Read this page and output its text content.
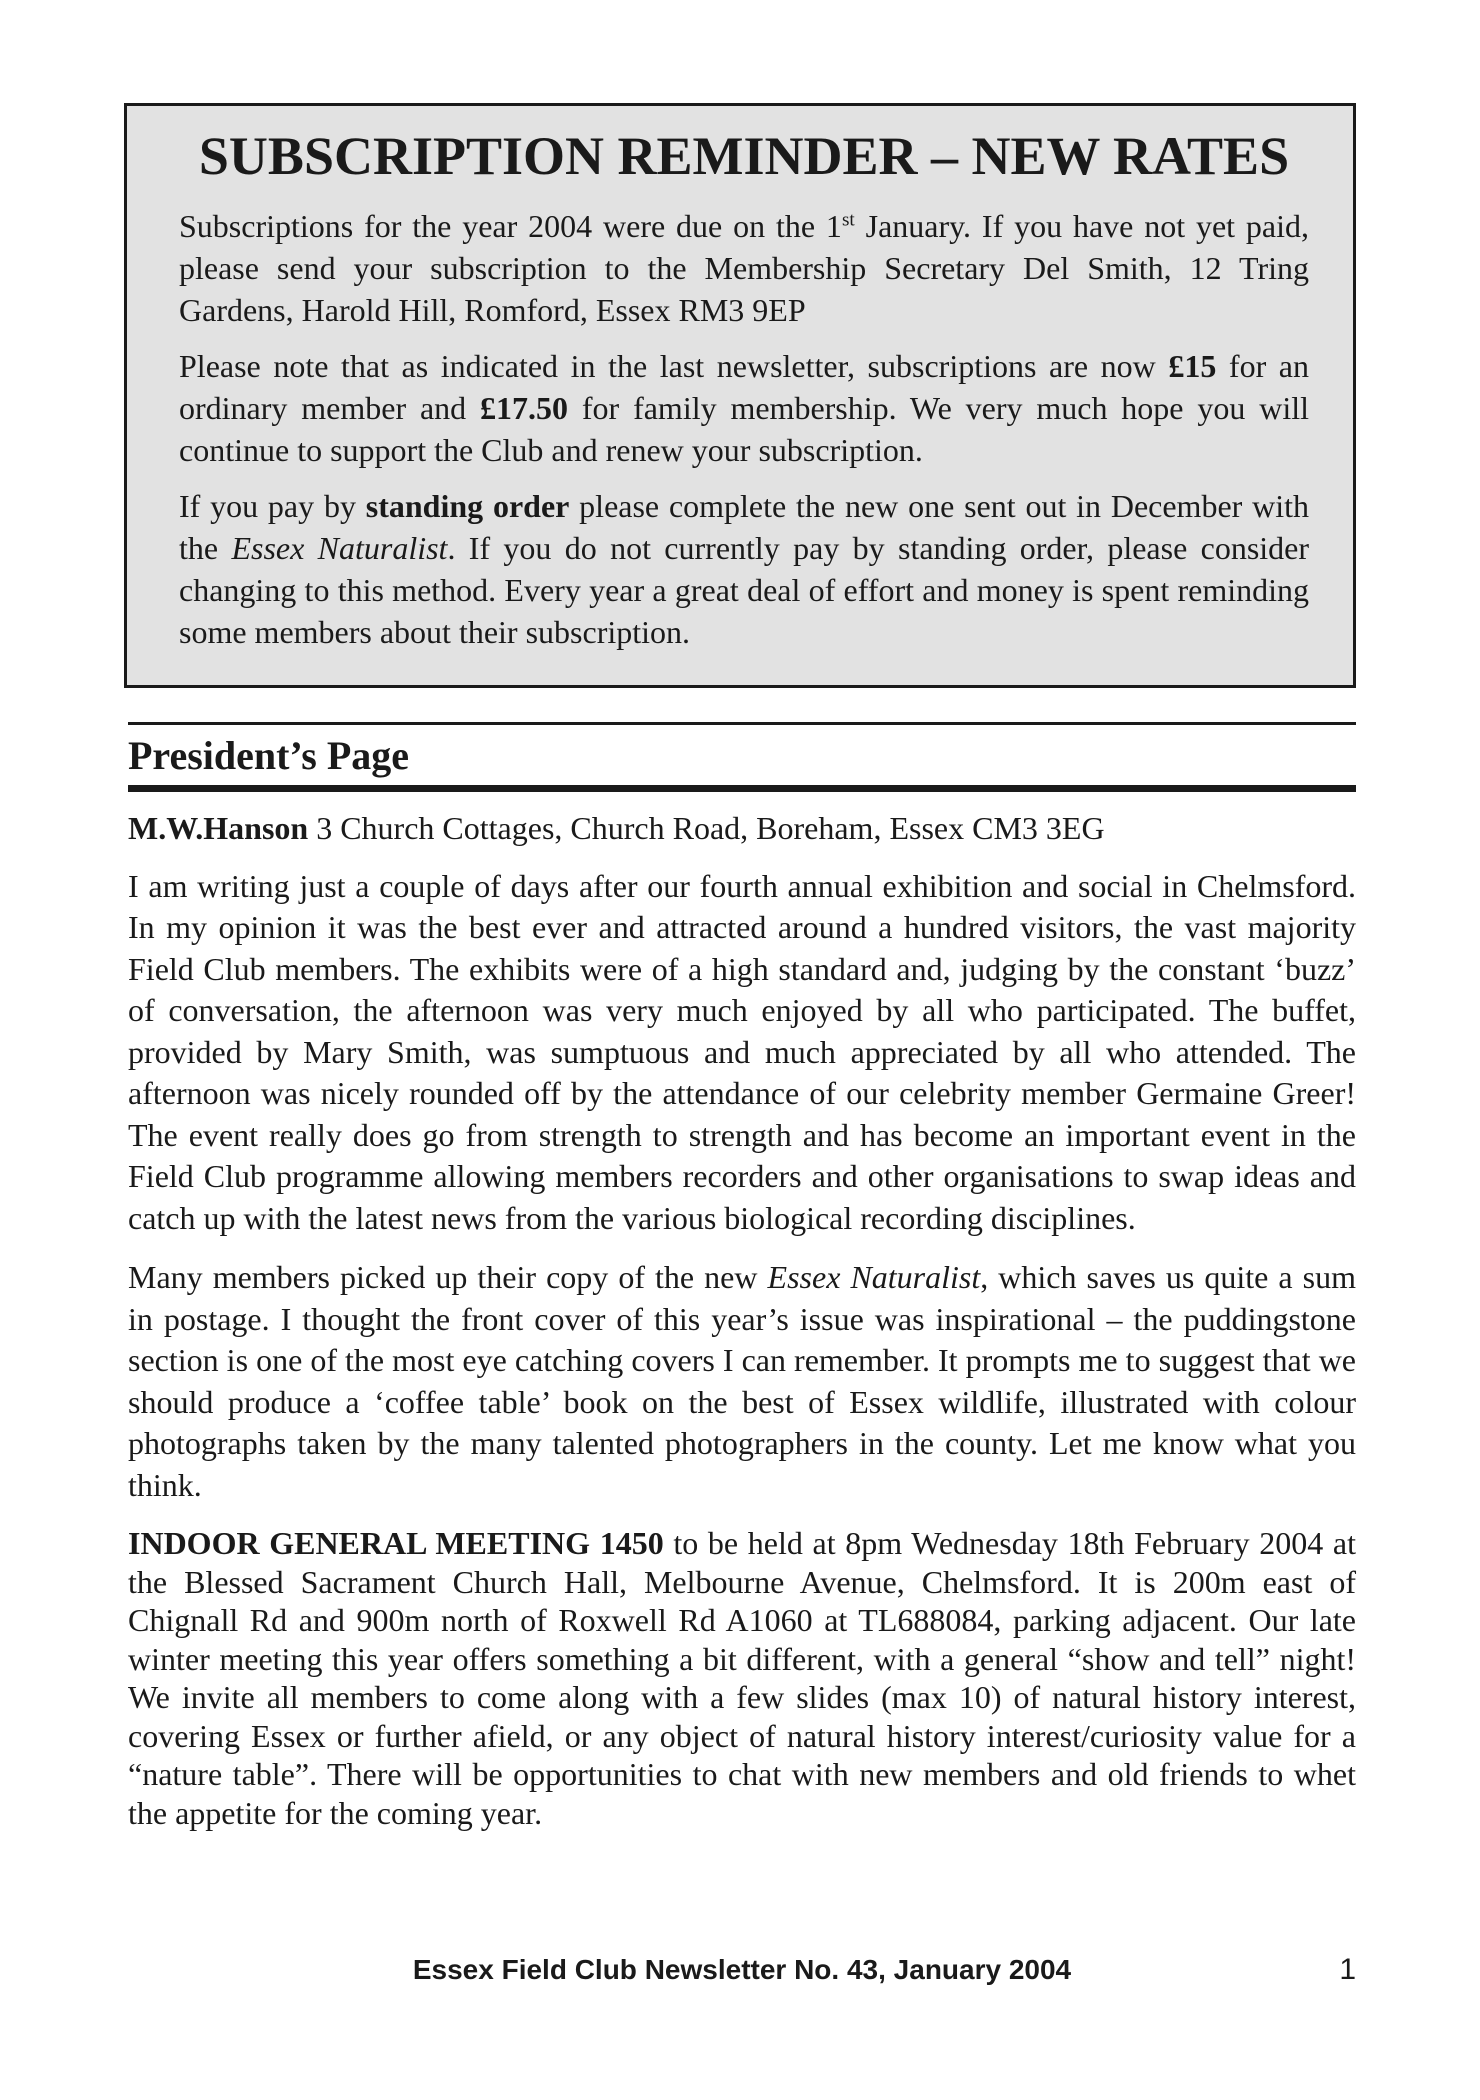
SUBSCRIPTION REMINDER – NEW RATES

Subscriptions for the year 2004 were due on the 1st January. If you have not yet paid, please send your subscription to the Membership Secretary Del Smith, 12 Tring Gardens, Harold Hill, Romford, Essex RM3 9EP

Please note that as indicated in the last newsletter, subscriptions are now £15 for an ordinary member and £17.50 for family membership. We very much hope you will continue to support the Club and renew your subscription.

If you pay by standing order please complete the new one sent out in December with the Essex Naturalist. If you do not currently pay by standing order, please consider changing to this method. Every year a great deal of effort and money is spent reminding some members about their subscription.

President’s Page

M.W.Hanson 3 Church Cottages, Church Road, Boreham, Essex CM3 3EG

I am writing just a couple of days after our fourth annual exhibition and social in Chelmsford. In my opinion it was the best ever and attracted around a hundred visitors, the vast majority Field Club members. The exhibits were of a high standard and, judging by the constant ‘buzz’ of conversation, the afternoon was very much enjoyed by all who participated. The buffet, provided by Mary Smith, was sumptuous and much appreciated by all who attended. The afternoon was nicely rounded off by the attendance of our celebrity member Germaine Greer! The event really does go from strength to strength and has become an important event in the Field Club programme allowing members recorders and other organisations to swap ideas and catch up with the latest news from the various biological recording disciplines.

Many members picked up their copy of the new Essex Naturalist, which saves us quite a sum in postage. I thought the front cover of this year’s issue was inspirational – the puddingstone section is one of the most eye catching covers I can remember. It prompts me to suggest that we should produce a ‘coffee table’ book on the best of Essex wildlife, illustrated with colour photographs taken by the many talented photographers in the county. Let me know what you think.

INDOOR GENERAL MEETING 1450 to be held at 8pm Wednesday 18th February 2004 at the Blessed Sacrament Church Hall, Melbourne Avenue, Chelmsford. It is 200m east of Chignall Rd and 900m north of Roxwell Rd A1060 at TL688084, parking adjacent. Our late winter meeting this year offers something a bit different, with a general “show and tell” night! We invite all members to come along with a few slides (max 10) of natural history interest, covering Essex or further afield, or any object of natural history interest/curiosity value for a “nature table”. There will be opportunities to chat with new members and old friends to whet the appetite for the coming year.

Essex Field Club Newsletter No. 43, January 2004	1
